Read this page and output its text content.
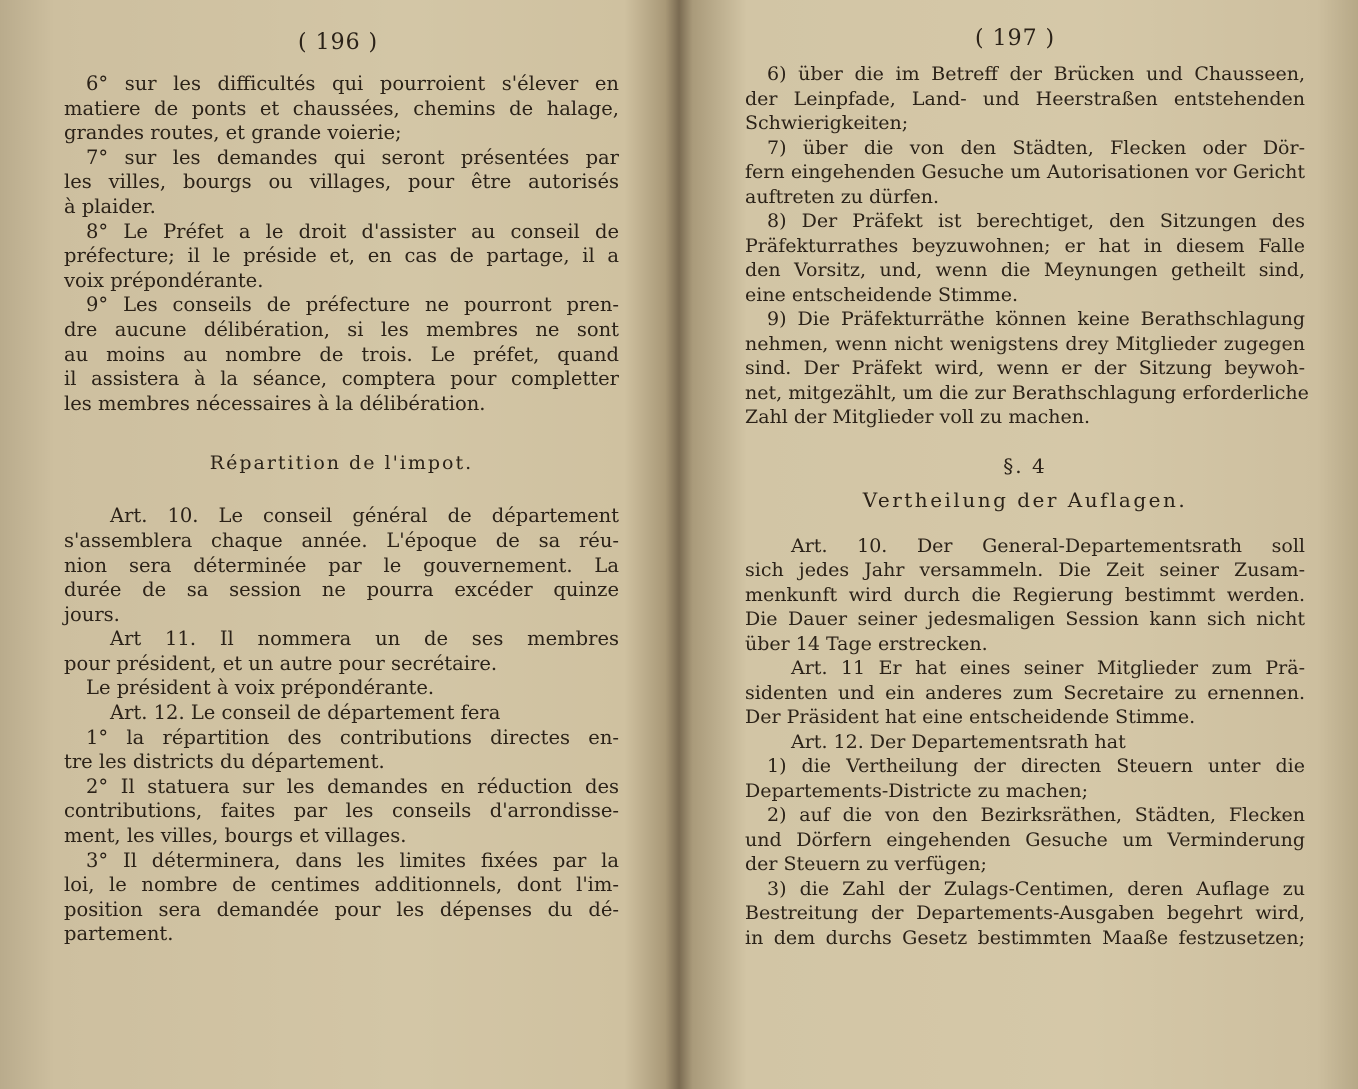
( 196 )
6° sur les difficultés qui pourroient s'élever en
matiere de ponts et chaussées, chemins de halage,
grandes routes, et grande voierie;
7° sur les demandes qui seront présentées par
les villes, bourgs ou villages, pour être autorisés
à plaider.
8° Le Préfet a le droit d'assister au conseil de
préfecture; il le préside et, en cas de partage, il a
voix prépondérante.
9° Les conseils de préfecture ne pourront pren-
dre aucune délibération, si les membres ne sont
au moins au nombre de trois. Le préfet, quand
il assistera à la séance, comptera pour completter
les membres nécessaires à la délibération.
Répartition de l'impot.
Art. 10. Le conseil général de département
s'assemblera chaque année. L'époque de sa réu-
nion sera déterminée par le gouvernement. La
durée de sa session ne pourra excéder quinze
jours.
Art 11. Il nommera un de ses membres
pour président, et un autre pour secrétaire.
Le président à voix prépondérante.
Art. 12. Le conseil de département fera
1° la répartition des contributions directes en-
tre les districts du département.
2° Il statuera sur les demandes en réduction des
contributions, faites par les conseils d'arrondisse-
ment, les villes, bourgs et villages.
3° Il déterminera, dans les limites fixées par la
loi, le nombre de centimes additionnels, dont l'im-
position sera demandée pour les dépenses du dé-
partement.
( 197 )
6) über die im Betreff der Brücken und Chausseen,
der Leinpfade, Land- und Heerstraßen entstehenden
Schwierigkeiten;
7) über die von den Städten, Flecken oder Dör-
fern eingehenden Gesuche um Autorisationen vor Gericht
auftreten zu dürfen.
8) Der Präfekt ist berechtiget, den Sitzungen des
Präfekturrathes beyzuwohnen; er hat in diesem Falle
den Vorsitz, und, wenn die Meynungen getheilt sind,
eine entscheidende Stimme.
9) Die Präfekturräthe können keine Berathschlagung
nehmen, wenn nicht wenigstens drey Mitglieder zugegen
sind. Der Präfekt wird, wenn er der Sitzung beywoh-
net, mitgezählt, um die zur Berathschlagung erforderliche
Zahl der Mitglieder voll zu machen.
§. 4
Vertheilung der Auflagen.
Art. 10. Der General-Departementsrath soll
sich jedes Jahr versammeln. Die Zeit seiner Zusam-
menkunft wird durch die Regierung bestimmt werden.
Die Dauer seiner jedesmaligen Session kann sich nicht
über 14 Tage erstrecken.
Art. 11 Er hat eines seiner Mitglieder zum Prä-
sidenten und ein anderes zum Secretaire zu ernennen.
Der Präsident hat eine entscheidende Stimme.
Art. 12. Der Departementsrath hat
1) die Vertheilung der directen Steuern unter die
Departements-Districte zu machen;
2) auf die von den Bezirksräthen, Städten, Flecken
und Dörfern eingehenden Gesuche um Verminderung
der Steuern zu verfügen;
3) die Zahl der Zulags-Centimen, deren Auflage zu
Bestreitung der Departements-Ausgaben begehrt wird,
in dem durchs Gesetz bestimmten Maaße festzusetzen;
